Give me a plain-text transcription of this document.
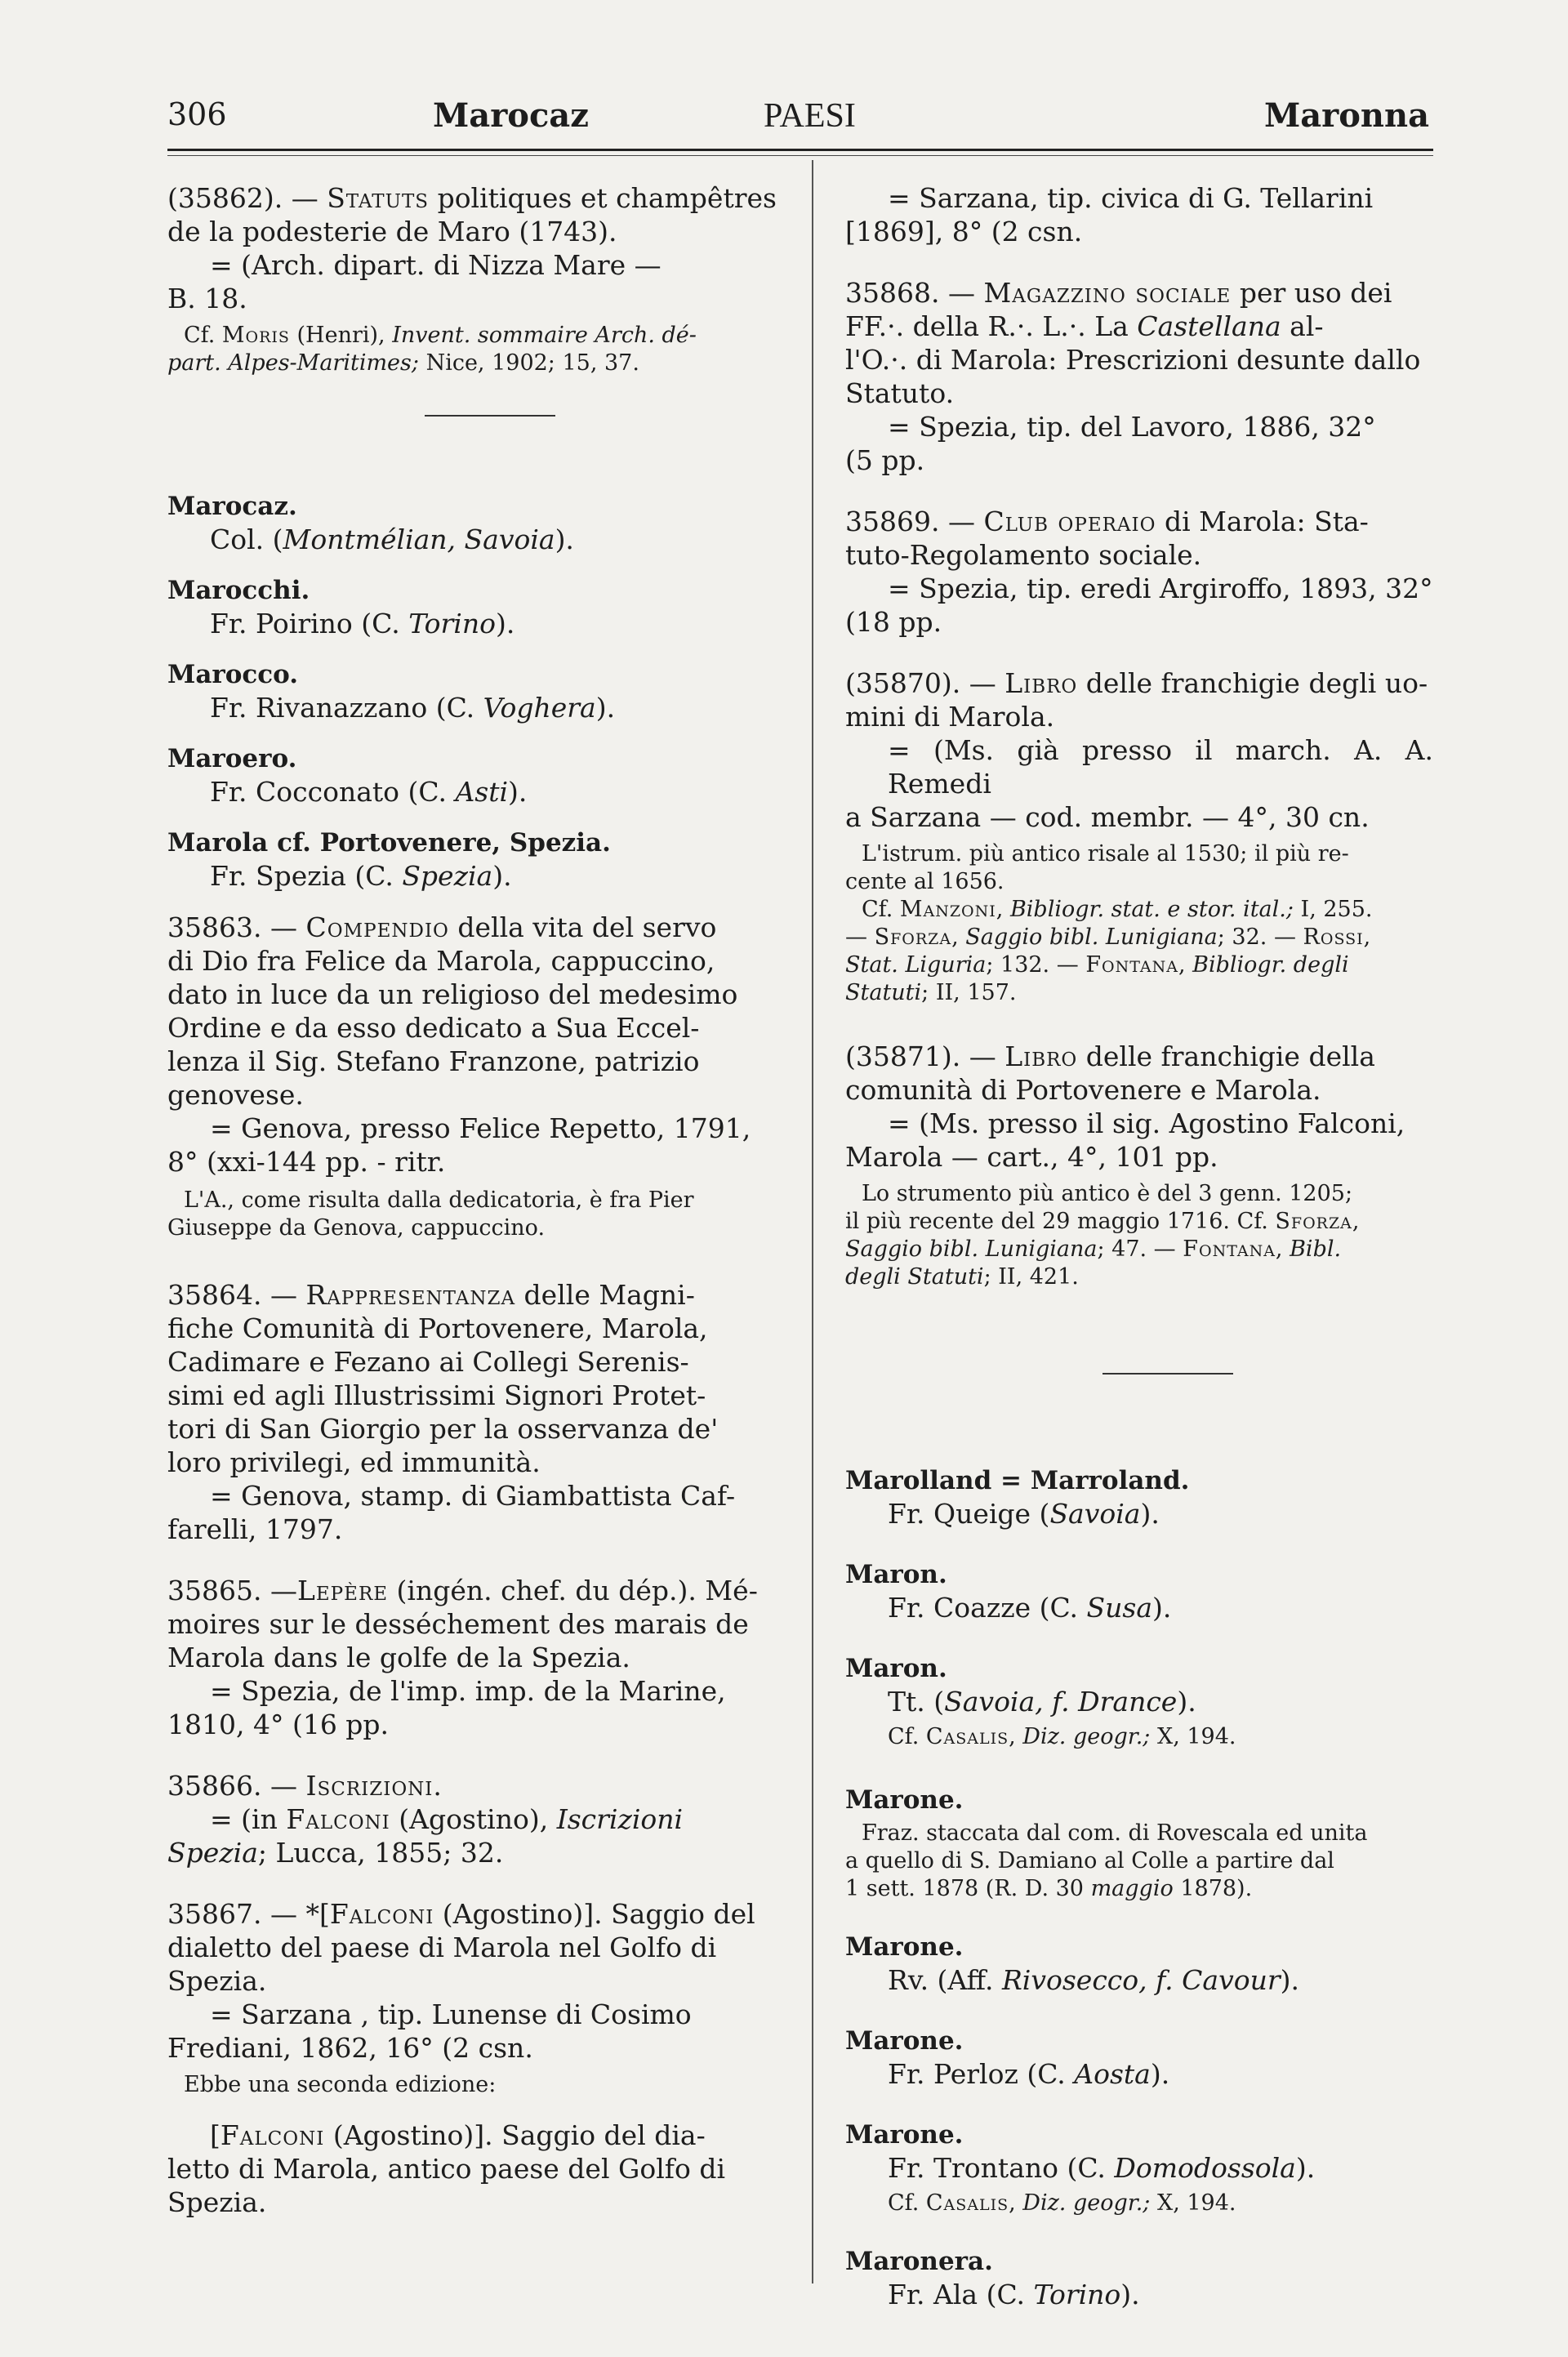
306	Marocaz	PAESI	Maronna

(35862). — Statuts politiques et champêtres

de la podesterie de Maro (1743).

= (Arch. dipart. di Nizza Mare —

B. 18.

Cf. Moris (Henri), Invent. sommaire Arch. dé-

part. Alpes-Maritimes; Nice, 1902; 15, 37.

Marocaz.

Col. (Montmélian, Savoia).

Marocchi.

Fr. Poirino (C. Torino).

Marocco.

Fr. Rivanazzano (C. Voghera).

Maroero.

Fr. Cocconato (C. Asti).

Marola cf. Portovenere, Spezia.

Fr. Spezia (C. Spezia).

35863. — Compendio della vita del servo

di Dio fra Felice da Marola, cappuccino,

dato in luce da un religioso del medesimo

Ordine e da esso dedicato a Sua Eccel-

lenza il Sig. Stefano Franzone, patrizio

genovese.

= Genova, presso Felice Repetto, 1791,

8° (xxi-144 pp. - ritr.

L'A., come risulta dalla dedicatoria, è fra Pier

Giuseppe da Genova, cappuccino.

35864. — Rappresentanza delle Magni-

fiche Comunità di Portovenere, Marola,

Cadimare e Fezano ai Collegi Serenis-

simi ed agli Illustrissimi Signori Protet-

tori di San Giorgio per la osservanza de'

loro privilegi, ed immunità.

= Genova, stamp. di Giambattista Caf-

farelli, 1797.

35865. —Lepère (ingén. chef. du dép.). Mé-

moires sur le desséchement des marais de

Marola dans le golfe de la Spezia.

= Spezia, de l'imp. imp. de la Marine,

1810, 4° (16 pp.

35866. — Iscrizioni.

= (in Falconi (Agostino), Iscrizioni

Spezia; Lucca, 1855; 32.

35867. — *[Falconi (Agostino)]. Saggio del

dialetto del paese di Marola nel Golfo di

Spezia.

= Sarzana , tip. Lunense di Cosimo

Frediani, 1862, 16° (2 csn.

Ebbe una seconda edizione:

[Falconi (Agostino)]. Saggio del dia-

letto di Marola, antico paese del Golfo di

Spezia.

= Sarzana, tip. civica di G. Tellarini

[1869], 8° (2 csn.

35868. — Magazzino sociale per uso dei

FF.·. della R.·. L.·. La Castellana al-

l'O.·. di Marola: Prescrizioni desunte dallo

Statuto.

= Spezia, tip. del Lavoro, 1886, 32°

(5 pp.

35869. — Club operaio di Marola: Sta-

tuto-Regolamento sociale.

= Spezia, tip. eredi Argiroffo, 1893, 32°

(18 pp.

(35870). — Libro delle franchigie degli uo-

mini di Marola.

= (Ms. già presso il march. A. A. Remedi

a Sarzana — cod. membr. — 4°, 30 cn.

L'istrum. più antico risale al 1530; il più re-

cente al 1656.

Cf. Manzoni, Bibliogr. stat. e stor. ital.; I, 255.

— Sforza, Saggio bibl. Lunigiana; 32. — Rossi,

Stat. Liguria; 132. — Fontana, Bibliogr. degli

Statuti; II, 157.

(35871). — Libro delle franchigie della

comunità di Portovenere e Marola.

= (Ms. presso il sig. Agostino Falconi,

Marola — cart., 4°, 101 pp.

Lo strumento più antico è del 3 genn. 1205;

il più recente del 29 maggio 1716. Cf. Sforza,

Saggio bibl. Lunigiana; 47. — Fontana, Bibl.

degli Statuti; II, 421.

Marolland = Marroland.

Fr. Queige (Savoia).

Maron.

Fr. Coazze (C. Susa).

Maron.

Tt. (Savoia, f. Drance).

Cf. Casalis, Diz. geogr.; X, 194.

Marone.

Fraz. staccata dal com. di Rovescala ed unita

a quello di S. Damiano al Colle a partire dal

1 sett. 1878 (R. D. 30 maggio 1878).

Marone.

Rv. (Aff. Rivosecco, f. Cavour).

Marone.

Fr. Perloz (C. Aosta).

Marone.

Fr. Trontano (C. Domodossola).

Cf. Casalis, Diz. geogr.; X, 194.

Maronera.

Fr. Ala (C. Torino).
